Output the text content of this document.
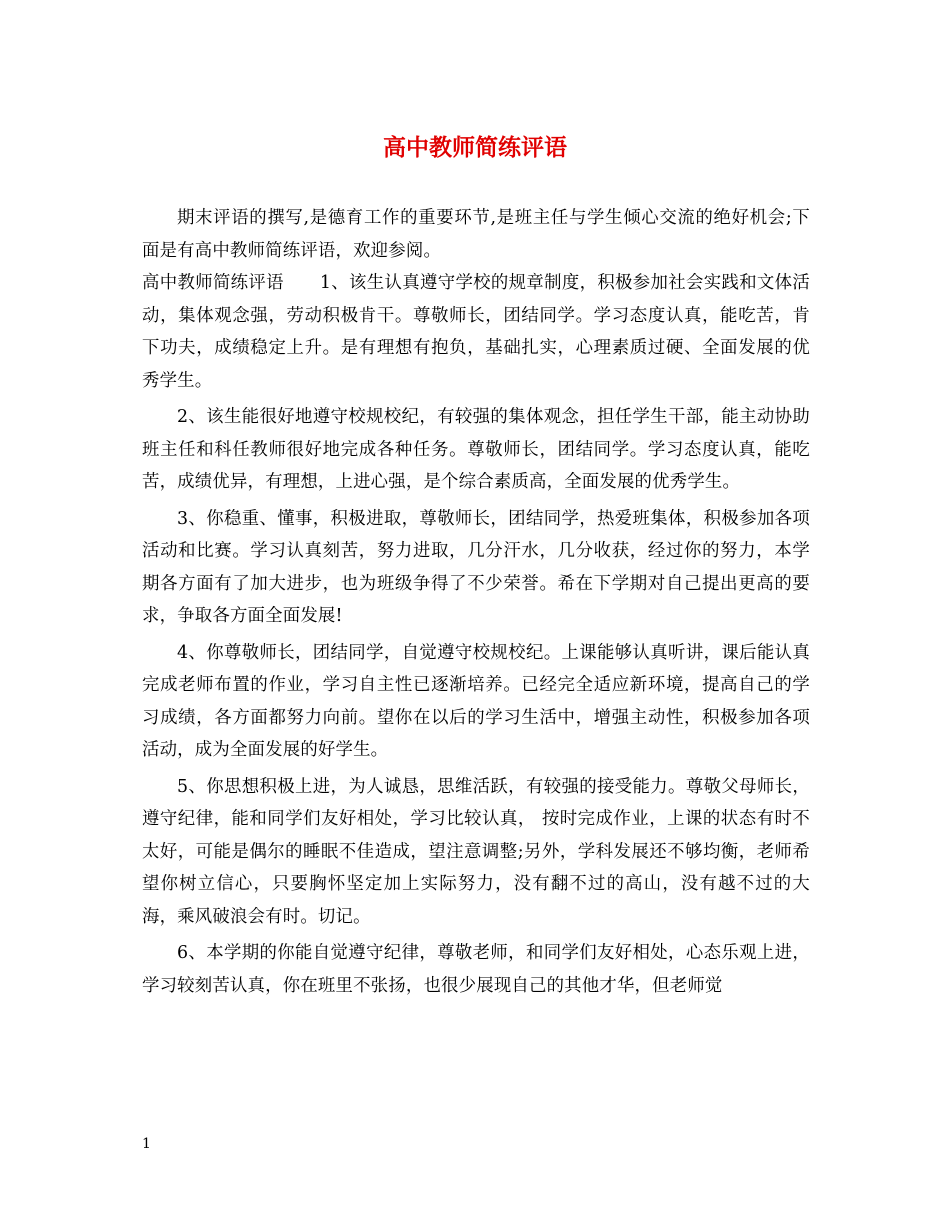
高中教师简练评语

期末评语的撰写,是德育工作的重要环节,是班主任与学生倾心交流的绝好机会;下面是有高中教师简练评语，欢迎参阅。

高中教师简练评语 1、该生认真遵守学校的规章制度，积极参加社会实践和文体活动，集体观念强，劳动积极肯干。尊敬师长，团结同学。学习态度认真，能吃苦，肯下功夫，成绩稳定上升。是有理想有抱负，基础扎实，心理素质过硬、全面发展的优秀学生。

2、该生能很好地遵守校规校纪，有较强的集体观念，担任学生干部，能主动协助班主任和科任教师很好地完成各种任务。尊敬师长，团结同学。学习态度认真，能吃苦，成绩优异，有理想，上进心强，是个综合素质高，全面发展的优秀学生。

3、你稳重、懂事，积极进取，尊敬师长，团结同学，热爱班集体，积极参加各项活动和比赛。学习认真刻苦，努力进取，几分汗水，几分收获，经过你的努力，本学期各方面有了加大进步，也为班级争得了不少荣誉。希在下学期对自己提出更高的要求，争取各方面全面发展!

4、你尊敬师长，团结同学，自觉遵守校规校纪。上课能够认真听讲，课后能认真完成老师布置的作业，学习自主性已逐渐培养。已经完全适应新环境，提高自己的学习成绩，各方面都努力向前。望你在以后的学习生活中，增强主动性，积极参加各项活动，成为全面发展的好学生。

5、你思想积极上进，为人诚恳，思维活跃，有较强的接受能力。尊敬父母师长，遵守纪律，能和同学们友好相处，学习比较认真， 按时完成作业，上课的状态有时不太好，可能是偶尔的睡眠不佳造成，望注意调整;另外，学科发展还不够均衡，老师希望你树立信心，只要胸怀坚定加上实际努力，没有翻不过的高山，没有越不过的大海，乘风破浪会有时。切记。

6、本学期的你能自觉遵守纪律，尊敬老师，和同学们友好相处，心态乐观上进，学习较刻苦认真，你在班里不张扬，也很少展现自己的其他才华，但老师觉

1
